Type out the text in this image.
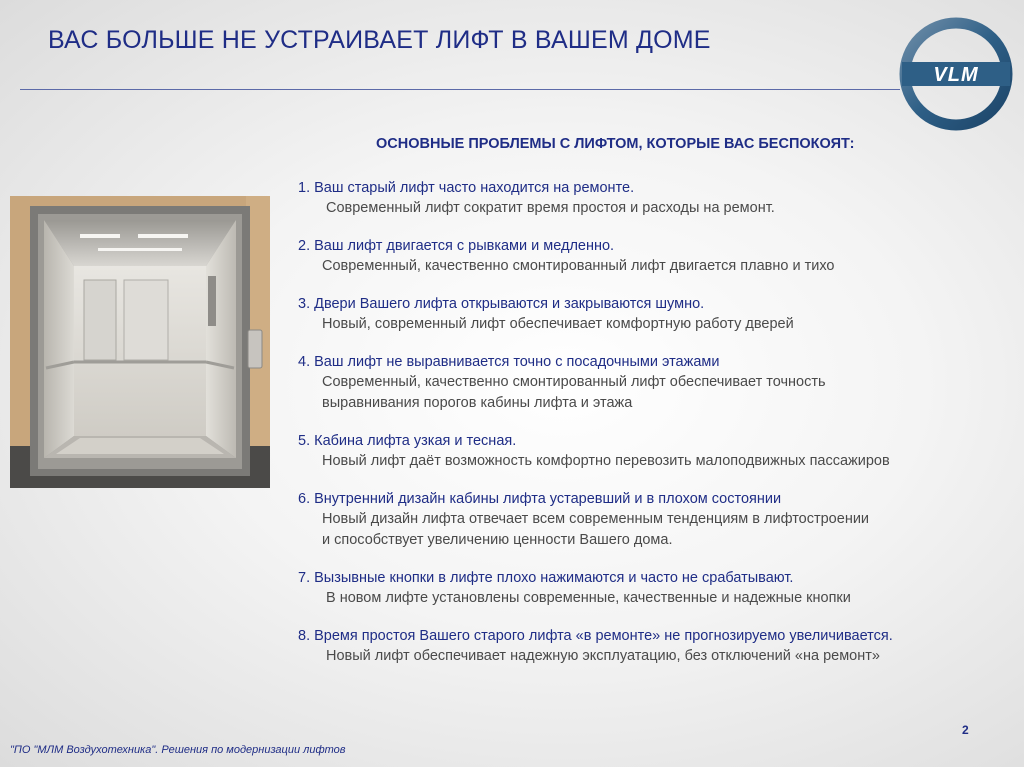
ВАС БОЛЬШЕ НЕ УСТРАИВАЕТ ЛИФТ В ВАШЕМ ДОМЕ
VLM
ОСНОВНЫЕ ПРОБЛЕМЫ С ЛИФТОМ, КОТОРЫЕ ВАС БЕСПОКОЯТ:
1. Ваш старый лифт часто находится на ремонте.
Современный лифт сократит время простоя и расходы на ремонт.
2. Ваш лифт двигается с рывками и медленно.
Современный, качественно смонтированный лифт двигается плавно и тихо
3. Двери Вашего лифта открываются и закрываются шумно.
Новый, современный лифт обеспечивает комфортную работу дверей
4. Ваш лифт не выравнивается точно с посадочными этажами
Современный, качественно смонтированный лифт обеспечивает точность
выравнивания порогов кабины лифта и этажа
5. Кабина лифта узкая и тесная.
Новый лифт даёт возможность комфортно перевозить малоподвижных пассажиров
6. Внутренний дизайн кабины лифта устаревший и в плохом состоянии
Новый дизайн лифта отвечает всем современным тенденциям в лифтостроении
и способствует увеличению ценности Вашего дома.
7. Вызывные кнопки в лифте плохо нажимаются и часто не срабатывают.
В новом лифте установлены современные, качественные и надежные кнопки
8. Время простоя Вашего старого лифта «в ремонте» не прогнозируемо увеличивается.
Новый лифт обеспечивает надежную эксплуатацию, без отключений «на ремонт»
2
"ПО "МЛМ Воздухотехника". Решения по модернизации лифтов
